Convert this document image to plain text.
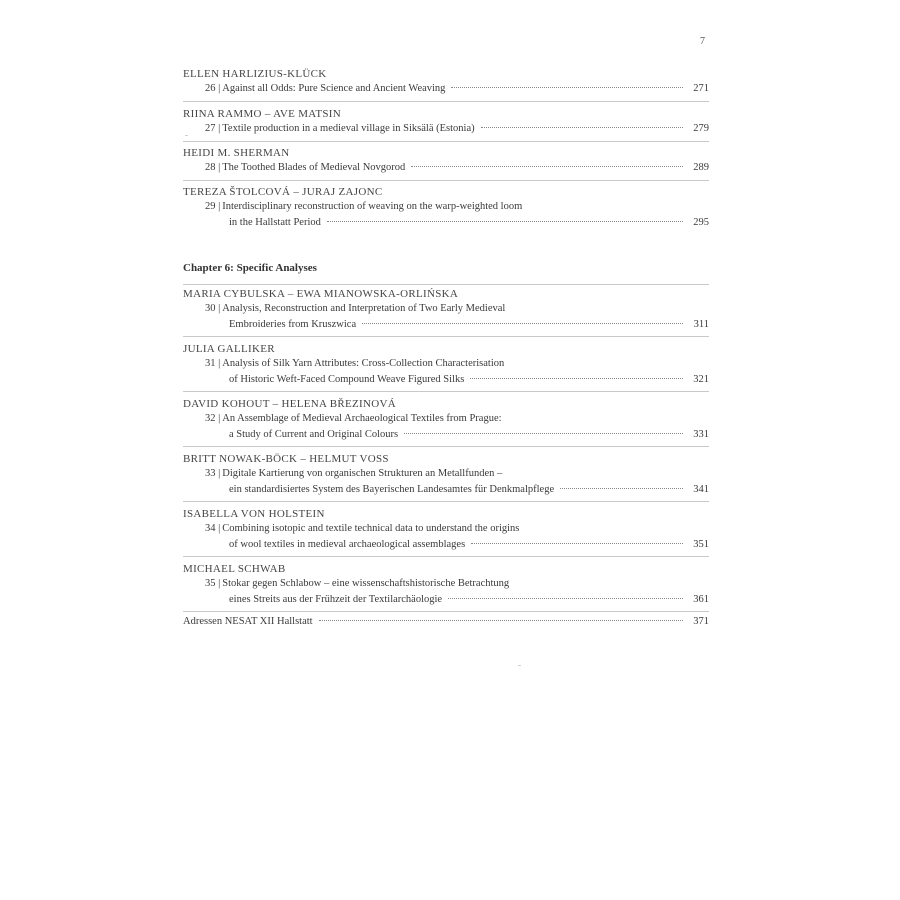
7
ELLEN HARLIZIUS-KLÜCK
26 | Against all Odds: Pure Science and Ancient Weaving	271
RIINA RAMMO – AVE MATSIN
27 | Textile production in a medieval village in Siksälä (Estonia)	279
HEIDI M. SHERMAN
28 | The Toothed Blades of Medieval Novgorod	289
TEREZA ŠTOLCOVÁ – JURAJ ZAJONC
29 | Interdisciplinary reconstruction of weaving on the warp-weighted loom
in the Hallstatt Period	295
Chapter 6: Specific Analyses
MARIA CYBULSKA – EWA MIANOWSKA-ORLIŃSKA
30 | Analysis, Reconstruction and Interpretation of Two Early Medieval
Embroideries from Kruszwica	311
JULIA GALLIKER
31 | Analysis of Silk Yarn Attributes: Cross-Collection Characterisation
of Historic Weft-Faced Compound Weave Figured Silks	321
DAVID KOHOUT – HELENA BŘEZINOVÁ
32 | An Assemblage of Medieval Archaeological Textiles from Prague:
a Study of Current and Original Colours	331
BRITT NOWAK-BÖCK – HELMUT VOSS
33 | Digitale Kartierung von organischen Strukturen an Metallfunden –
ein standardisiertes System des Bayerischen Landesamtes für Denkmalpflege	341
ISABELLA VON HOLSTEIN
34 | Combining isotopic and textile technical data to understand the origins
of wool textiles in medieval archaeological assemblages	351
MICHAEL SCHWAB
35 | Stokar gegen Schlabow – eine wissenschaftshistorische Betrachtung
eines Streits aus der Frühzeit der Textilarchäologie	361
Adressen NESAT XII Hallstatt	371
